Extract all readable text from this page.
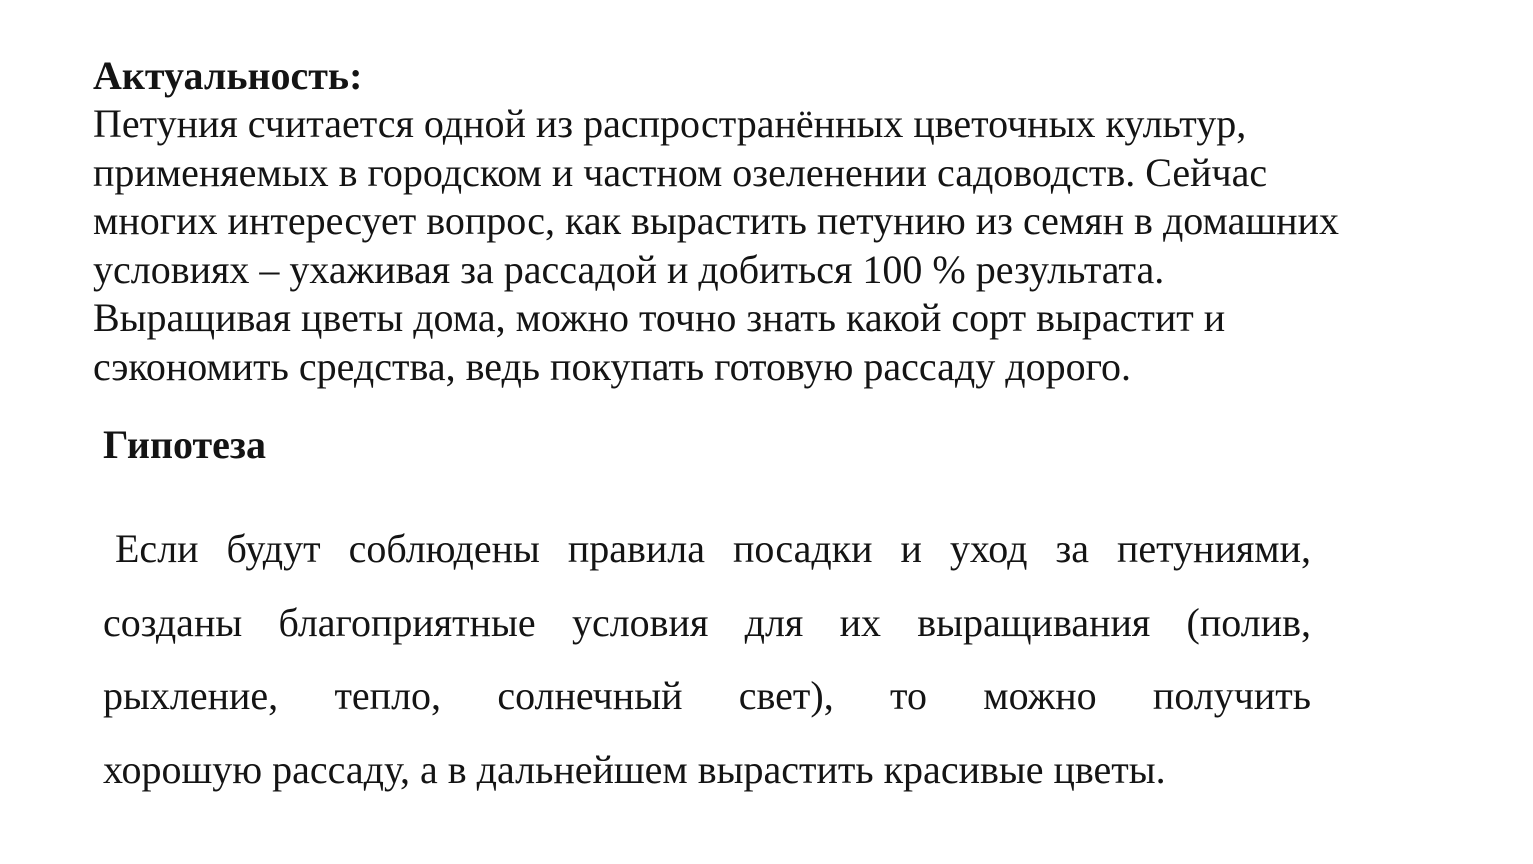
Актуальность:

Петуния считается одной из распространённых цветочных культур,
применяемых в городском и частном озеленении садоводств. Сейчас
многих интересует вопрос, как вырастить петунию из семян в домашних
условиях – ухаживая за рассадой и добиться 100 % результата.
Выращивая цветы дома, можно точно знать какой сорт вырастит и
сэкономить средства, ведь покупать готовую рассаду дорого.

Гипотеза

Если будут соблюдены правила посадки и уход за петуниями,
созданы благоприятные условия для их выращивания (полив,
рыхление, тепло, солнечный свет), то можно получить
хорошую рассаду, а в дальнейшем вырастить красивые цветы.
